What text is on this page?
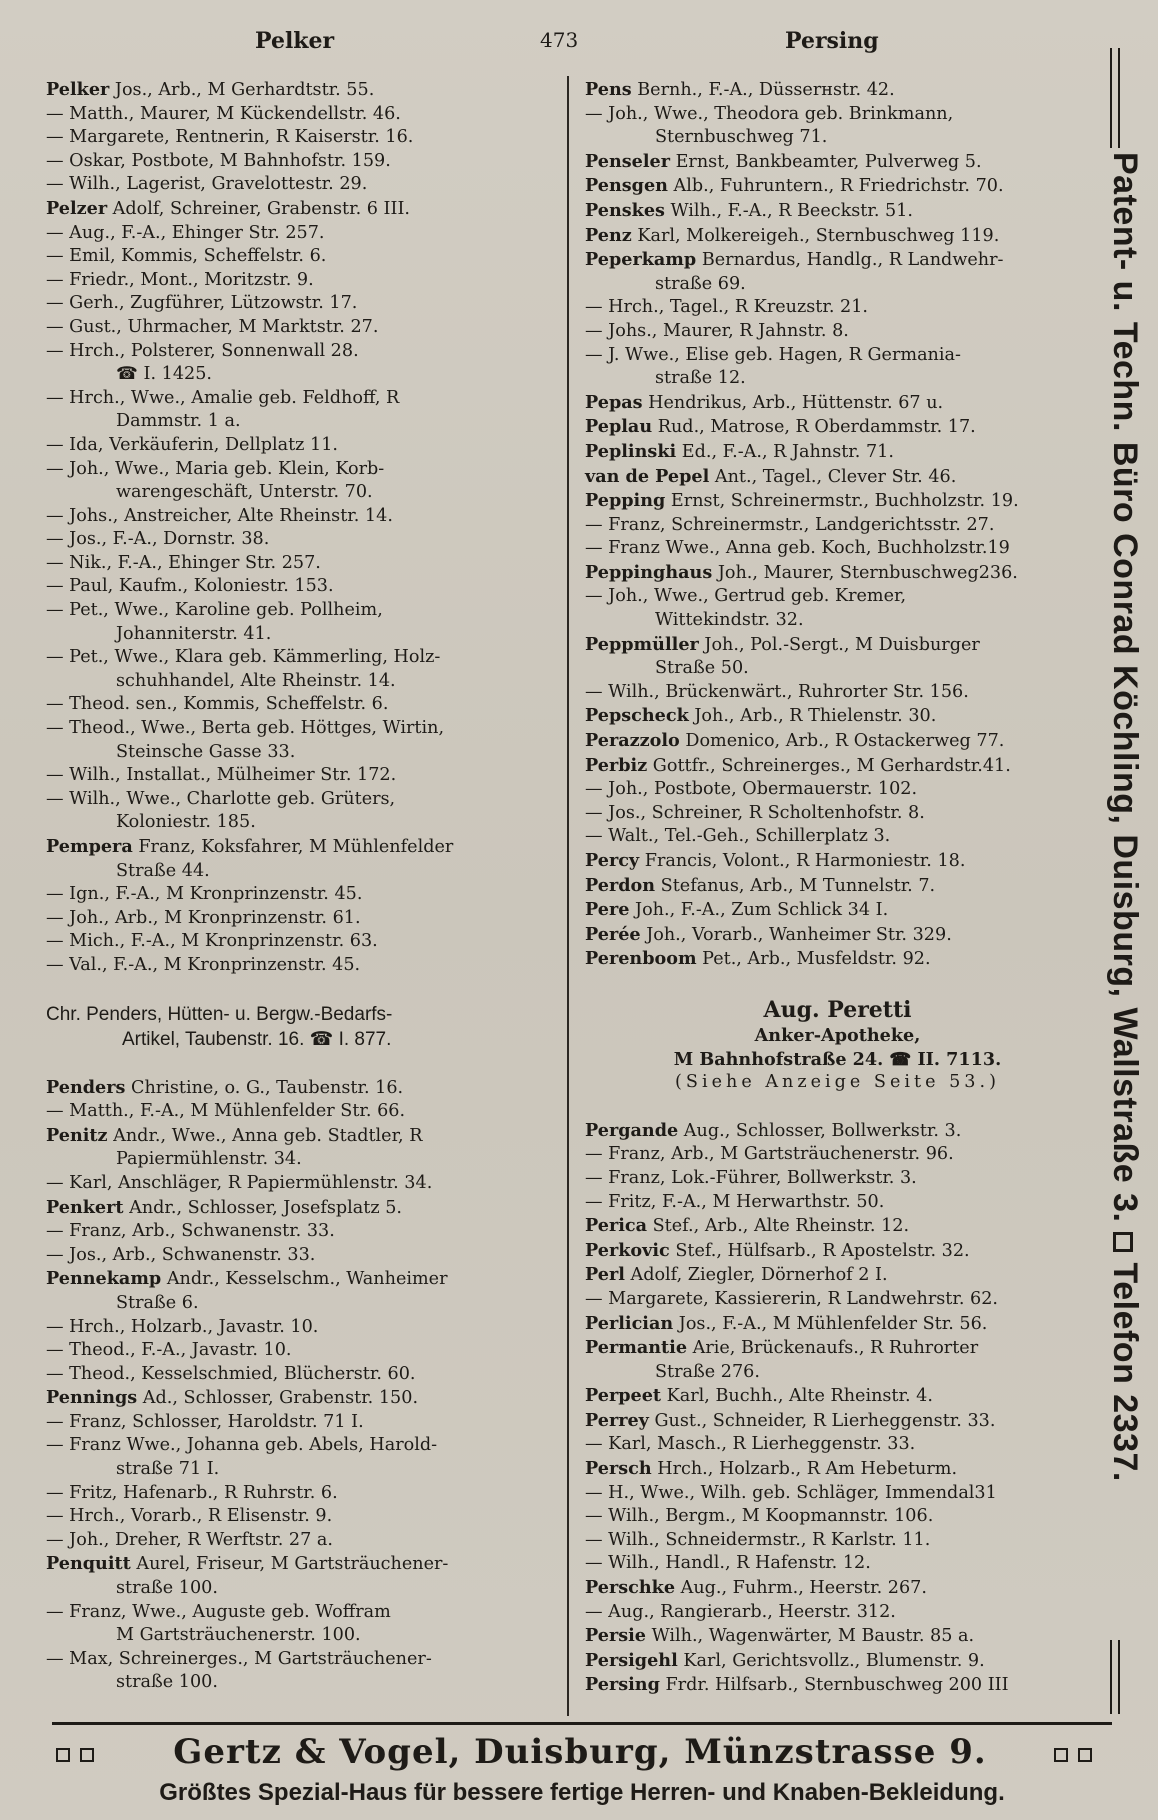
Pelker	473	Persing
Pelker Jos., Arb., M Gerhardtstr. 55.
— Matth., Maurer, M Kückendellstr. 46.
— Margarete, Rentnerin, R Kaiserstr. 16.
— Oskar, Postbote, M Bahnhofstr. 159.
— Wilh., Lagerist, Gravelottestr. 29.
Pelzer Adolf, Schreiner, Grabenstr. 6 III.
— Aug., F.-A., Ehinger Str. 257.
— Emil, Kommis, Scheffelstr. 6.
— Friedr., Mont., Moritzstr. 9.
— Gerh., Zugführer, Lützowstr. 17.
— Gust., Uhrmacher, M Marktstr. 27.
— Hrch., Polsterer, Sonnenwall 28.
☎ I. 1425.
— Hrch., Wwe., Amalie geb. Feldhoff, R
Dammstr. 1 a.
— Ida, Verkäuferin, Dellplatz 11.
— Joh., Wwe., Maria geb. Klein, Korb-
warengeschäft, Unterstr. 70.
— Johs., Anstreicher, Alte Rheinstr. 14.
— Jos., F.-A., Dornstr. 38.
— Nik., F.-A., Ehinger Str. 257.
— Paul, Kaufm., Koloniestr. 153.
— Pet., Wwe., Karoline geb. Pollheim,
Johanniterstr. 41.
— Pet., Wwe., Klara geb. Kämmerling, Holz-
schuhhandel, Alte Rheinstr. 14.
— Theod. sen., Kommis, Scheffelstr. 6.
— Theod., Wwe., Berta geb. Höttges, Wirtin,
Steinsche Gasse 33.
— Wilh., Installat., Mülheimer Str. 172.
— Wilh., Wwe., Charlotte geb. Grüters,
Koloniestr. 185.
Pempera Franz, Koksfahrer, M Mühlenfelder
Straße 44.
— Ign., F.-A., M Kronprinzenstr. 45.
— Joh., Arb., M Kronprinzenstr. 61.
— Mich., F.-A., M Kronprinzenstr. 63.
— Val., F.-A., M Kronprinzenstr. 45.
Chr. Penders, Hütten- u. Bergw.-Bedarfs-
Artikel, Taubenstr. 16. ☎ I. 877.
Penders Christine, o. G., Taubenstr. 16.
— Matth., F.-A., M Mühlenfelder Str. 66.
Penitz Andr., Wwe., Anna geb. Stadtler, R
Papiermühlenstr. 34.
— Karl, Anschläger, R Papiermühlenstr. 34.
Penkert Andr., Schlosser, Josefsplatz 5.
— Franz, Arb., Schwanenstr. 33.
— Jos., Arb., Schwanenstr. 33.
Pennekamp Andr., Kesselschm., Wanheimer
Straße 6.
— Hrch., Holzarb., Javastr. 10.
— Theod., F.-A., Javastr. 10.
— Theod., Kesselschmied, Blücherstr. 60.
Pennings Ad., Schlosser, Grabenstr. 150.
— Franz, Schlosser, Haroldstr. 71 I.
— Franz Wwe., Johanna geb. Abels, Harold-
straße 71 I.
— Fritz, Hafenarb., R Ruhrstr. 6.
— Hrch., Vorarb., R Elisenstr. 9.
— Joh., Dreher, R Werftstr. 27 a.
Penquitt Aurel, Friseur, M Gartsträuchener-
straße 100.
— Franz, Wwe., Auguste geb. Woffram
M Gartsträuchenerstr. 100.
— Max, Schreinerges., M Gartsträuchener-
straße 100.
Pens Bernh., F.-A., Düsserнstr. 42.
— Joh., Wwe., Theodora geb. Brinkmann,
Sternbuschweg 71.
Penseler Ernst, Bankbeamter, Pulverweg 5.
Pensgen Alb., Fuhruntern., R Friedrichstr. 70.
Penskes Wilh., F.-A., R Beeckstr. 51.
Penz Karl, Molkereigeh., Sternbuschweg 119.
Peperkamp Bernardus, Handlg., R Landwehr-
straße 69.
— Hrch., Tagel., R Kreuzstr. 21.
— Johs., Maurer, R Jahnstr. 8.
— J. Wwe., Elise geb. Hagen, R Germania-
straße 12.
Pepas Hendrikus, Arb., Hüttenstr. 67 u.
Peplau Rud., Matrose, R Oberdammstr. 17.
Peplinski Ed., F.-A., R Jahnstr. 71.
van de Pepel Ant., Tagel., Clever Str. 46.
Pepping Ernst, Schreinermstr., Buchholzstr. 19.
— Franz, Schreinermstr., Landgerichtsstr. 27.
— Franz Wwe., Anna geb. Koch, Buchholzstr.19
Peppinghaus Joh., Maurer, Sternbuschweg236.
— Joh., Wwe., Gertrud geb. Kremer,
Wittekindstr. 32.
Peppmüller Joh., Pol.-Sergt., M Duisburger
Straße 50.
— Wilh., Brückenwärt., Ruhrorter Str. 156.
Pepscheck Joh., Arb., R Thielenstr. 30.
Perazzolo Domenico, Arb., R Ostackerweg 77.
Perbiz Gottfr., Schreinerges., M Gerhardstr.41.
— Joh., Postbote, Obermauerstr. 102.
— Jos., Schreiner, R Scholtenhofstr. 8.
— Walt., Tel.-Geh., Schillerplatz 3.
Percy Francis, Volont., R Harmoniestr. 18.
Perdon Stefanus, Arb., M Tunnelstr. 7.
Pere Joh., F.-A., Zum Schlick 34 I.
Perée Joh., Vorarb., Wanheimer Str. 329.
Perenboom Pet., Arb., Musfeldstr. 92.
Aug. Peretti
Anker-Apotheke,
M Bahnhofstraße 24. ☎ II. 7113.
(Siehe Anzeige Seite 53.)
Pergande Aug., Schlosser, Bollwerkstr. 3.
— Franz, Arb., M Gartsträuchenerstr. 96.
— Franz, Lok.-Führer, Bollwerkstr. 3.
— Fritz, F.-A., M Herwarthstr. 50.
Perica Stef., Arb., Alte Rheinstr. 12.
Perkovic Stef., Hülfsarb., R Apostelstr. 32.
Perl Adolf, Ziegler, Dörnerhof 2 I.
— Margarete, Kassiererin, R Landwehrstr. 62.
Perlician Jos., F.-A., M Mühlenfelder Str. 56.
Permantie Arie, Brückenaufs., R Ruhrorter
Straße 276.
Perpeet Karl, Buchh., Alte Rheinstr. 4.
Perrey Gust., Schneider, R Lierheggenstr. 33.
— Karl, Masch., R Lierheggenstr. 33.
Persch Hrch., Holzarb., R Am Hebeturm.
— H., Wwe., Wilh. geb. Schläger, Immendal31
— Wilh., Bergm., M Koopmannstr. 106.
— Wilh., Schneidermstr., R Karlstr. 11.
— Wilh., Handl., R Hafenstr. 12.
Perschke Aug., Fuhrm., Heerstr. 267.
— Aug., Rangierarb., Heerstr. 312.
Persie Wilh., Wagenwärter, M Baustr. 85 a.
Persigehl Karl, Gerichtsvollz., Blumenstr. 9.
Persing Frdr. Hilfsarb., Sternbuschweg 200 III
Patent- u. Techn. Büro Conrad Köchling, Duisburg, Wallstraße 3.Telefon 2337.
Gertz & Vogel, Duisburg, Münzstrasse 9.
Größtes Spezial-Haus für bessere fertige Herren- und Knaben-Bekleidung.
